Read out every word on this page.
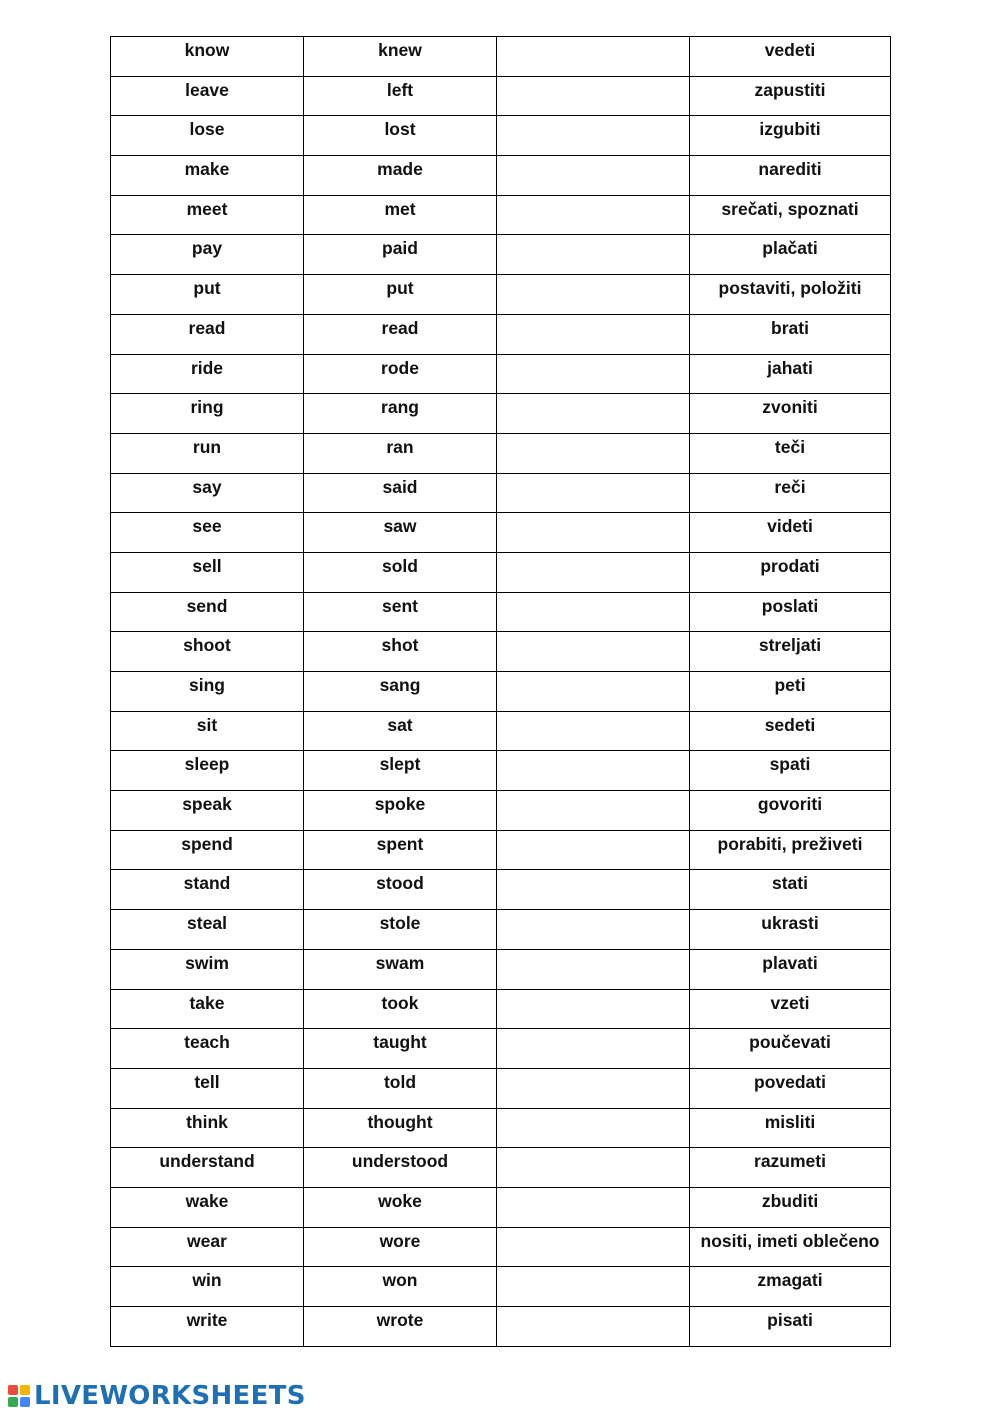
know	knew		vedeti
leave	left		zapustiti
lose	lost		izgubiti
make	made		narediti
meet	met		srečati, spoznati
pay	paid		plačati
put	put		postaviti, položiti
read	read		brati
ride	rode		jahati
ring	rang		zvoniti
run	ran		teči
say	said		reči
see	saw		videti
sell	sold		prodati
send	sent		poslati
shoot	shot		streljati
sing	sang		peti
sit	sat		sedeti
sleep	slept		spati
speak	spoke		govoriti
spend	spent		porabiti, preživeti
stand	stood		stati
steal	stole		ukrasti
swim	swam		plavati
take	took		vzeti
teach	taught		poučevati
tell	told		povedati
think	thought		misliti
understand	understood		razumeti
wake	woke		zbuditi
wear	wore		nositi, imeti oblečeno
win	won		zmagati
write	wrote		pisati
LIVEWORKSHEETS
